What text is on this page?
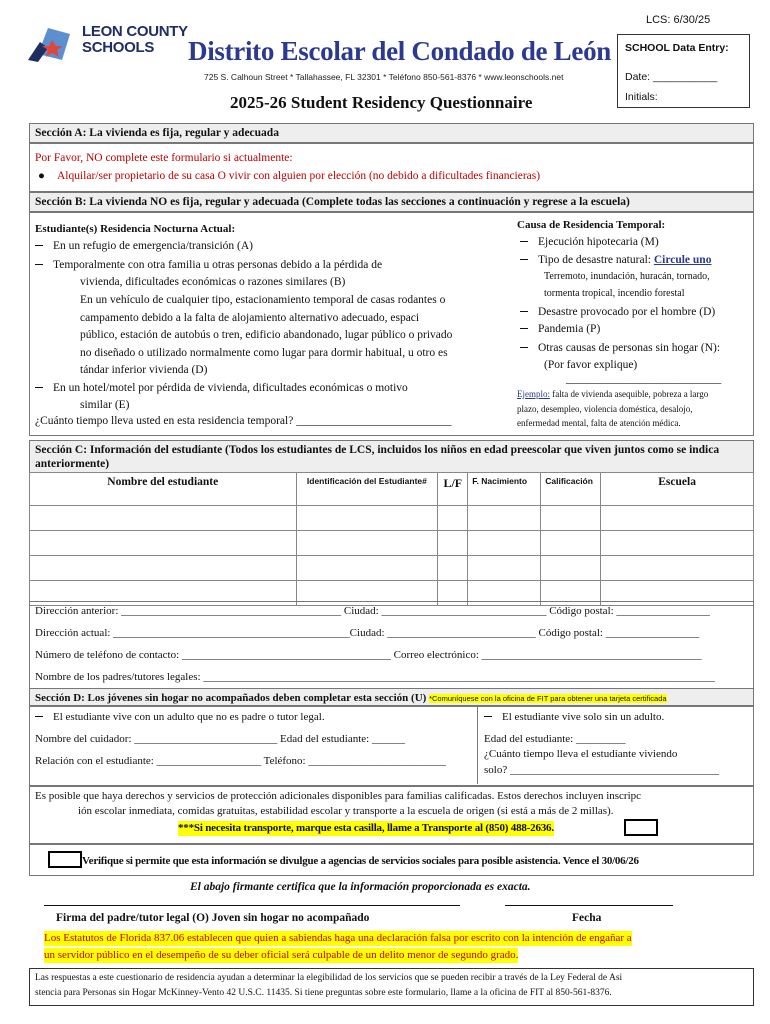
LEON COUNTY
SCHOOLS
LCS: 6/30/25
Distrito Escolar del Condado de León
725 S. Calhoun Street * Tallahassee, FL 32301 * Teléfono 850-561-8376 * www.leonschools.net
SCHOOL Data Entry:
Date: ___________
Initials:
2025-26 Student Residency Questionnaire
Sección A: La vivienda es fija, regular y adecuada
Por Favor, NO complete este formulario si actualmente:
● Alquilar/ser propietario de su casa O vivir con alguien por elección (no debido a dificultades financieras)
Sección B: La vivienda NO es fija, regular y adecuada (Complete todas las secciones a continuación y regrese a la escuela)
Estudiante(s) Residencia Nocturna Actual:
En un refugio de emergencia/transición (A)
Temporalmente con otra familia u otras personas debido a la pérdida de
vivienda, dificultades económicas o razones similares (B)
En un vehículo de cualquier tipo, estacionamiento temporal de casas rodantes o
campamento debido a la falta de alojamiento alternativo adecuado, espaci
público, estación de autobús o tren, edificio abandonado, lugar público o privado
no diseñado o utilizado normalmente como lugar para dormir habitual, u otro es
tándar inferior vivienda (D)
En un hotel/motel por pérdida de vivienda, dificultades económicas o motivo
similar (E)
¿Cuánto tiempo lleva usted en esta residencia temporal? ___________________________
Causa de Residencia Temporal:
Ejecución hipotecaria (M)
Tipo de desastre natural: Circule uno
Terremoto, inundación, huracán, tornado,
tormenta tropical, incendio forestal
Desastre provocado por el hombre (D)
Pandemia (P)
Otras causas de personas sin hogar (N):
(Por favor explique)
___________________________
Ejemplo: falta de vivienda asequible, pobreza a largo
plazo, desempleo, violencia doméstica, desalojo,
enfermedad mental, falta de atención médica.
Sección C: Información del estudiante (Todos los estudiantes de LCS, incluidos los niños en edad preescolar que viven juntos como se indica anteriormente)
Nombre del estudiante	Identificación del Estudiante#	L/F	F. Nacimiento	Calificación	Escuela

Dirección anterior: ________________________________________ Ciudad: ______________________________ Código postal: _________________
Dirección actual: ___________________________________________Ciudad: ___________________________ Código postal: _________________
Número de teléfono de contacto: ______________________________________ Correo electrónico: ________________________________________
Nombre de los padres/tutores legales: _____________________________________________________________________________________________
Sección D: Los jóvenes sin hogar no acompañados deben completar esta sección (U) *Comuníquese con la oficina de FIT para obtener una tarjeta certificada
El estudiante vive con un adulto que no es padre o tutor legal.
Nombre del cuidador: __________________________ Edad del estudiante: ______
Relación con el estudiante: ___________________ Teléfono: _________________________
El estudiante vive solo sin un adulto.
Edad del estudiante: _________
¿Cuánto tiempo lleva el estudiante viviendo
solo? ______________________________________
Es posible que haya derechos y servicios de protección adicionales disponibles para familias calificadas. Estos derechos incluyen inscripc
ión escolar inmediata, comidas gratuitas, estabilidad escolar y transporte a la escuela de origen (si está a más de 2 millas).
***Si necesita transporte, marque esta casilla, llame a Transporte al (850) 488-2636.
Verifique si permite que esta información se divulgue a agencias de servicios sociales para posible asistencia. Vence el 30/06/26
El abajo firmante certifica que la información proporcionada es exacta.
Firma del padre/tutor legal (O) Joven sin hogar no acompañado	Fecha
Los Estatutos de Florida 837.06 establecen que quien a sabiendas haga una declaración falsa por escrito con la intención de engañar a
un servidor público en el desempeño de su deber oficial será culpable de un delito menor de segundo grado.
Las respuestas a este cuestionario de residencia ayudan a determinar la elegibilidad de los servicios que se pueden recibir a través de la Ley Federal de Asi
stencia para Personas sin Hogar McKinney-Vento 42 U.S.C. 11435. Si tiene preguntas sobre este formulario, llame a la oficina de FIT al 850-561-8376.
